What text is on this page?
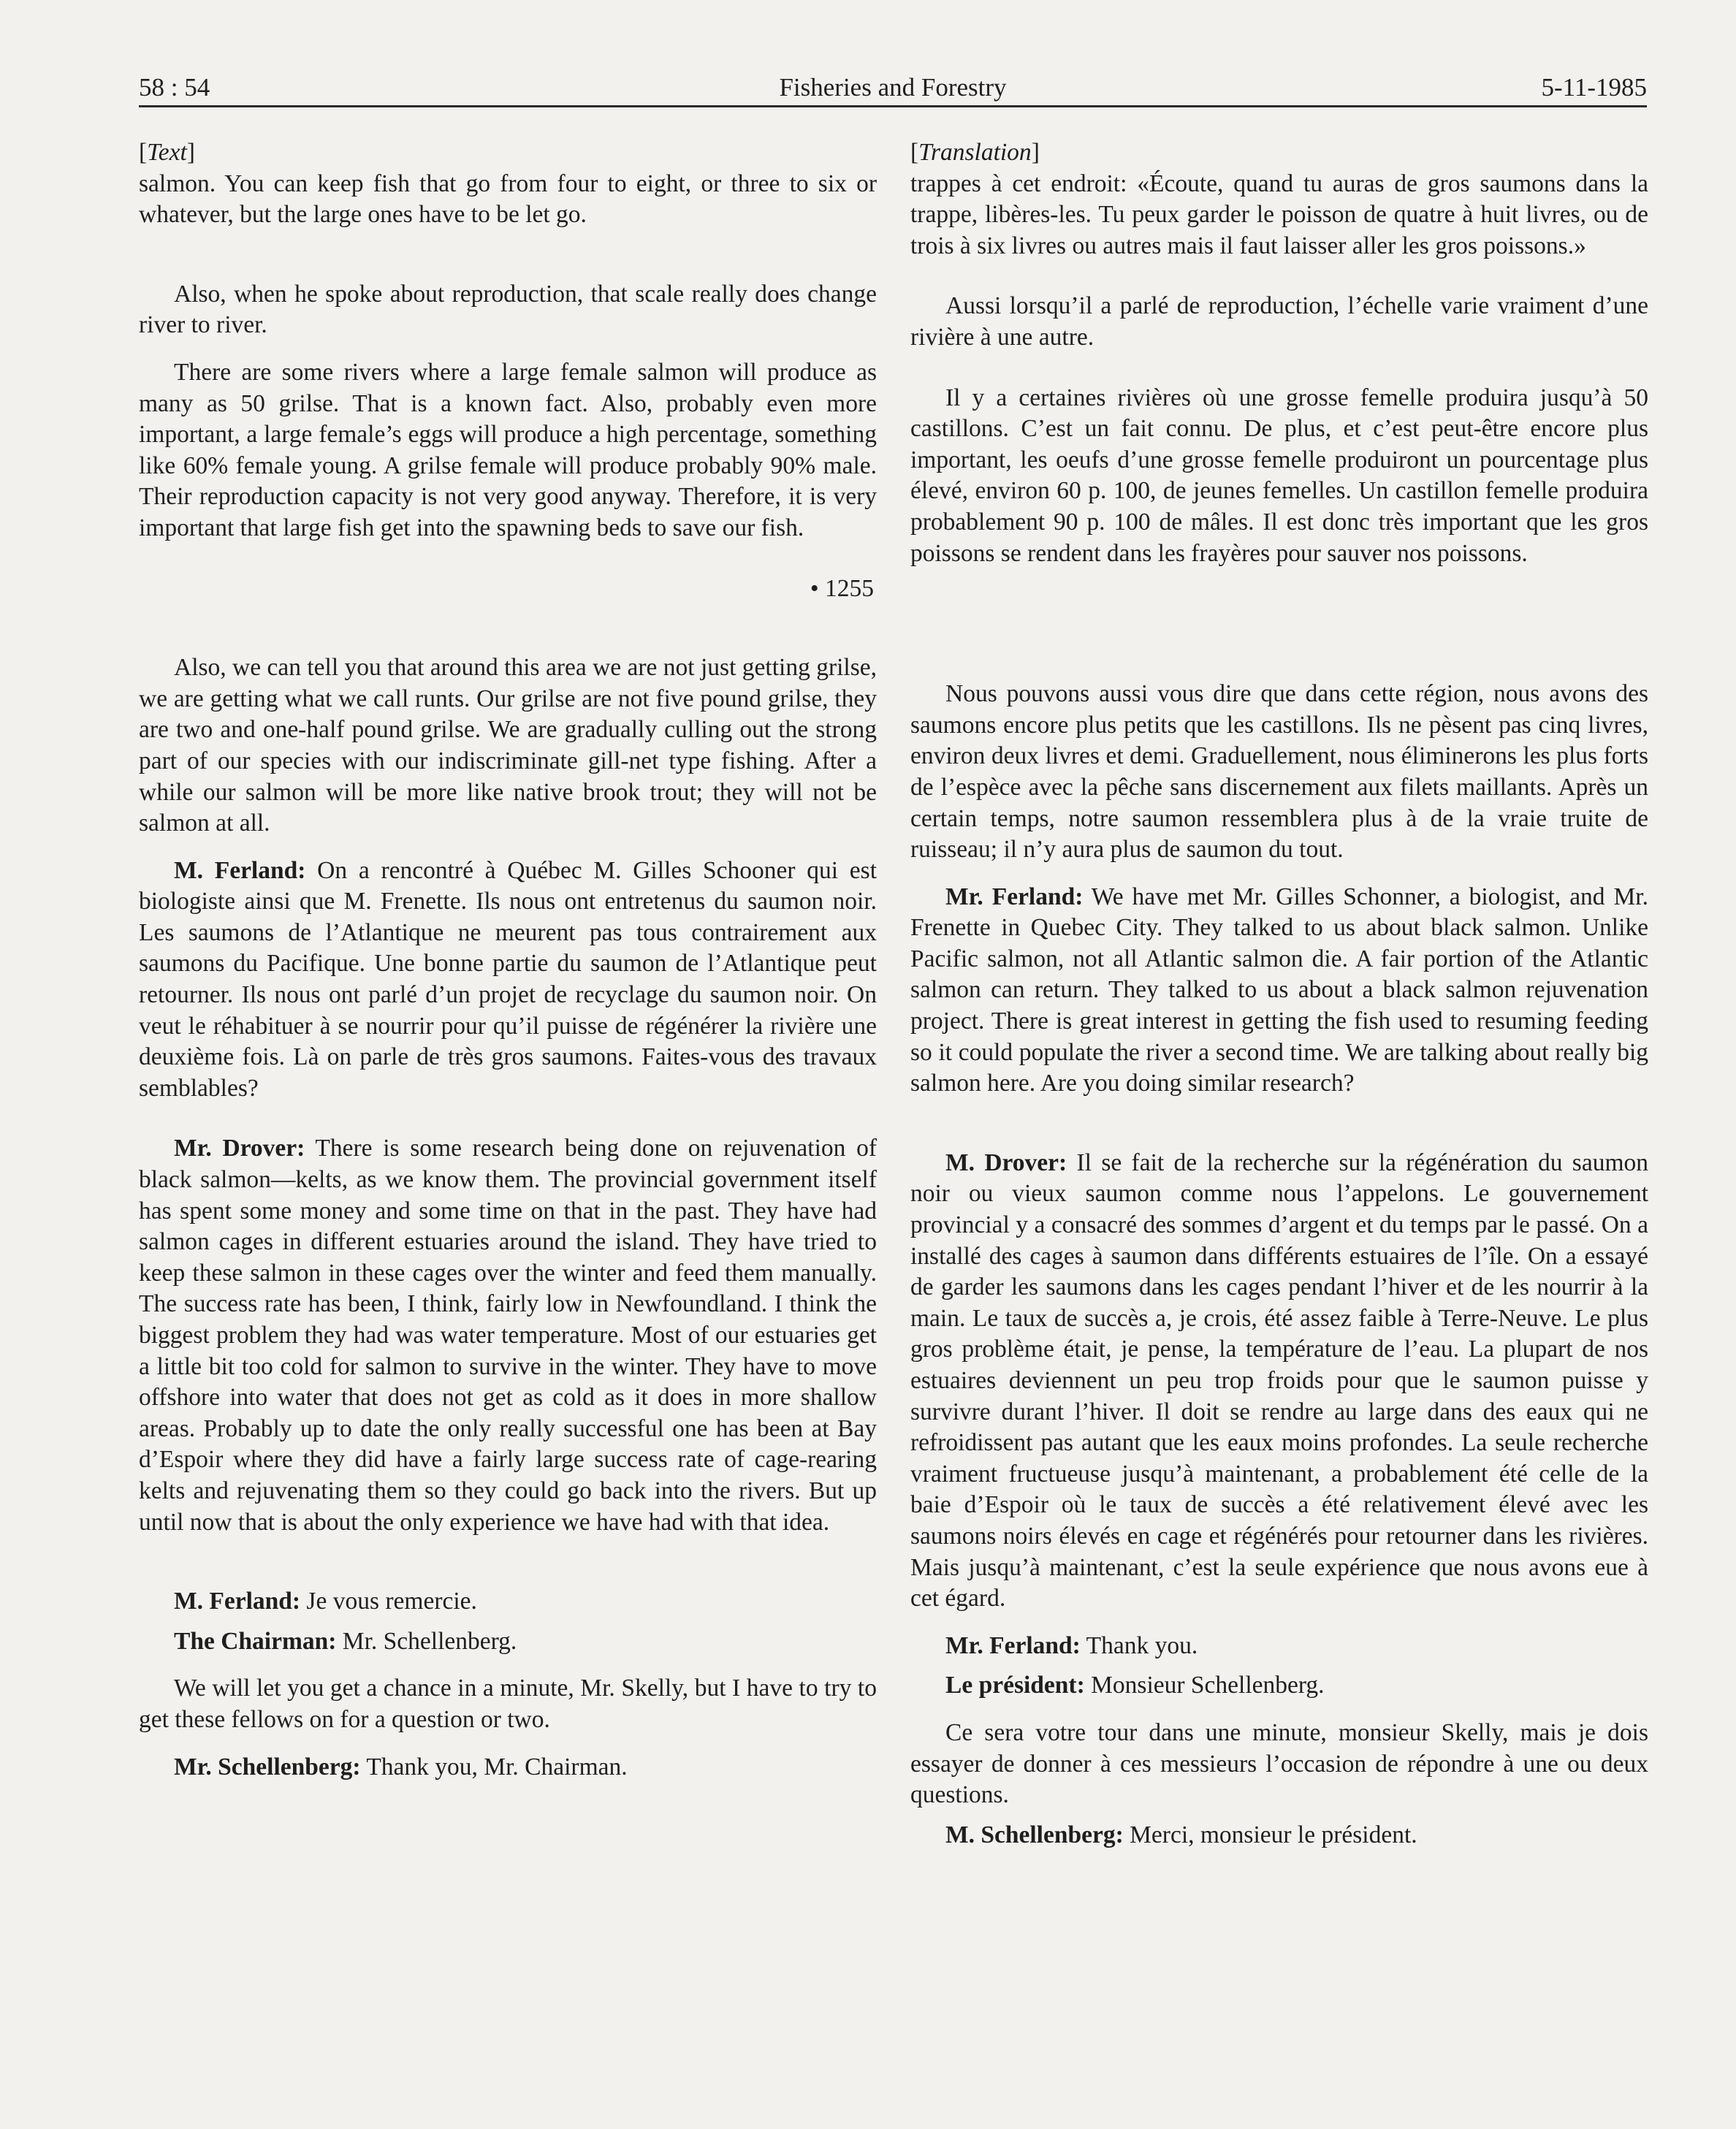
58 : 54	Fisheries and Forestry	5-11-1985

[Text]

salmon. You can keep fish that go from four to eight, or three to six or whatever, but the large ones have to be let go.

Also, when he spoke about reproduction, that scale really does change river to river.

There are some rivers where a large female salmon will produce as many as 50 grilse. That is a known fact. Also, probably even more important, a large female’s eggs will produce a high percentage, something like 60% female young. A grilse female will produce probably 90% male. Their reproduction capacity is not very good anyway. Therefore, it is very important that large fish get into the spawning beds to save our fish.

• 1255

Also, we can tell you that around this area we are not just getting grilse, we are getting what we call runts. Our grilse are not five pound grilse, they are two and one-half pound grilse. We are gradually culling out the strong part of our species with our indiscriminate gill-net type fishing. After a while our salmon will be more like native brook trout; they will not be salmon at all.

M. Ferland: On a rencontré à Québec M. Gilles Schooner qui est biologiste ainsi que M. Frenette. Ils nous ont entretenus du saumon noir. Les saumons de l’Atlantique ne meurent pas tous contrairement aux saumons du Pacifique. Une bonne partie du saumon de l’Atlantique peut retourner. Ils nous ont parlé d’un projet de recyclage du saumon noir. On veut le réhabituer à se nourrir pour qu’il puisse de régénérer la rivière une deuxième fois. Là on parle de très gros saumons. Faites-vous des travaux semblables?

Mr. Drover: There is some research being done on rejuvenation of black salmon—kelts, as we know them. The provincial government itself has spent some money and some time on that in the past. They have had salmon cages in different estuaries around the island. They have tried to keep these salmon in these cages over the winter and feed them manually. The success rate has been, I think, fairly low in Newfoundland. I think the biggest problem they had was water temperature. Most of our estuaries get a little bit too cold for salmon to survive in the winter. They have to move offshore into water that does not get as cold as it does in more shallow areas. Probably up to date the only really successful one has been at Bay d’Espoir where they did have a fairly large success rate of cage-rearing kelts and rejuvenating them so they could go back into the rivers. But up until now that is about the only experience we have had with that idea.

M. Ferland: Je vous remercie.

The Chairman: Mr. Schellenberg.

We will let you get a chance in a minute, Mr. Skelly, but I have to try to get these fellows on for a question or two.

Mr. Schellenberg: Thank you, Mr. Chairman.

[Translation]

trappes à cet endroit: «Écoute, quand tu auras de gros saumons dans la trappe, libères-les. Tu peux garder le poisson de quatre à huit livres, ou de trois à six livres ou autres mais il faut laisser aller les gros poissons.»

Aussi lorsqu’il a parlé de reproduction, l’échelle varie vraiment d’une rivière à une autre.

Il y a certaines rivières où une grosse femelle produira jusqu’à 50 castillons. C’est un fait connu. De plus, et c’est peut-être encore plus important, les oeufs d’une grosse femelle produiront un pourcentage plus élevé, environ 60 p. 100, de jeunes femelles. Un castillon femelle produira probablement 90 p. 100 de mâles. Il est donc très important que les gros poissons se rendent dans les frayères pour sauver nos poissons.

Nous pouvons aussi vous dire que dans cette région, nous avons des saumons encore plus petits que les castillons. Ils ne pèsent pas cinq livres, environ deux livres et demi. Graduellement, nous éliminerons les plus forts de l’espèce avec la pêche sans discernement aux filets maillants. Après un certain temps, notre saumon ressemblera plus à de la vraie truite de ruisseau; il n’y aura plus de saumon du tout.

Mr. Ferland: We have met Mr. Gilles Schonner, a biologist, and Mr. Frenette in Quebec City. They talked to us about black salmon. Unlike Pacific salmon, not all Atlantic salmon die. A fair portion of the Atlantic salmon can return. They talked to us about a black salmon rejuvenation project. There is great interest in getting the fish used to resuming feeding so it could populate the river a second time. We are talking about really big salmon here. Are you doing similar research?

M. Drover: Il se fait de la recherche sur la régénération du saumon noir ou vieux saumon comme nous l’appelons. Le gouvernement provincial y a consacré des sommes d’argent et du temps par le passé. On a installé des cages à saumon dans différents estuaires de l’île. On a essayé de garder les saumons dans les cages pendant l’hiver et de les nourrir à la main. Le taux de succès a, je crois, été assez faible à Terre-Neuve. Le plus gros problème était, je pense, la température de l’eau. La plupart de nos estuaires deviennent un peu trop froids pour que le saumon puisse y survivre durant l’hiver. Il doit se rendre au large dans des eaux qui ne refroidissent pas autant que les eaux moins profondes. La seule recherche vraiment fructueuse jusqu’à maintenant, a probablement été celle de la baie d’Espoir où le taux de succès a été relativement élevé avec les saumons noirs élevés en cage et régénérés pour retourner dans les rivières. Mais jusqu’à maintenant, c’est la seule expérience que nous avons eue à cet égard.

Mr. Ferland: Thank you.

Le président: Monsieur Schellenberg.

Ce sera votre tour dans une minute, monsieur Skelly, mais je dois essayer de donner à ces messieurs l’occasion de répondre à une ou deux questions.

M. Schellenberg: Merci, monsieur le président.
